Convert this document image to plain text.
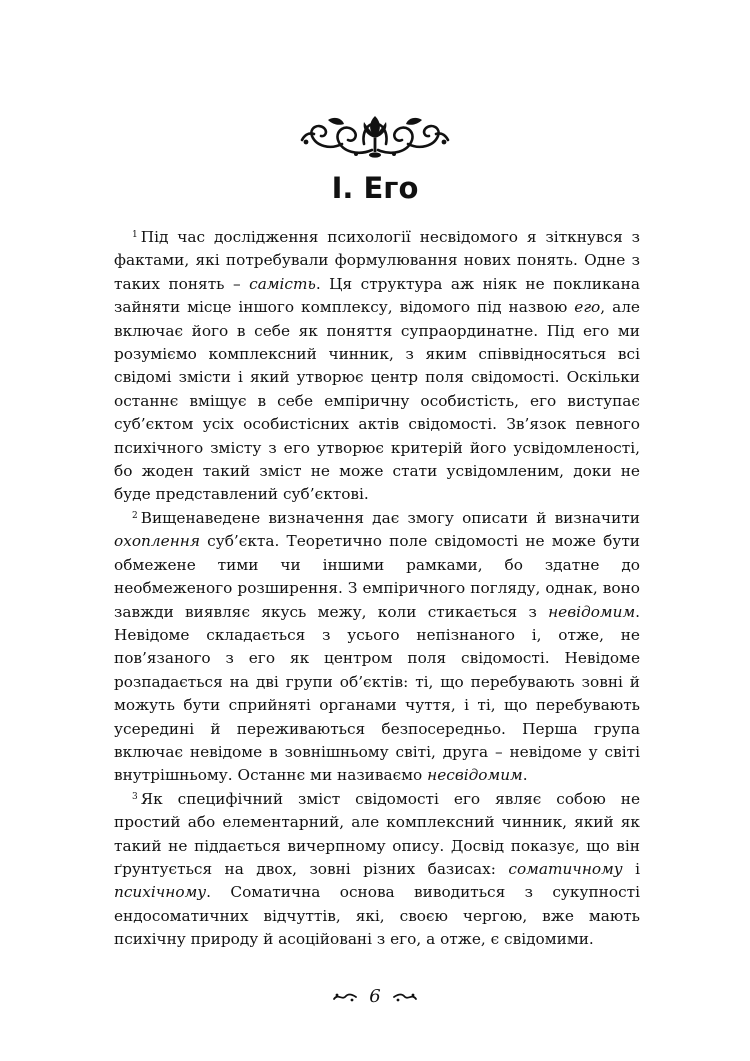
I. Его

$^1$ Під час дослідження психології несвідомого я зіткнувся з фактами, які потребували формулювання нових понять. Одне з таких понять – самість. Ця структура аж ніяк не покликана зайняти місце іншого комплексу, відомого під назвою его, але включає його в себе як поняття супраординатне. Під его ми розуміємо комплексний чинник, з яким співвідносяться всі свідомі змісти і який утворює центр поля свідомості. Оскільки останнє вміщує в себе емпіричну особистість, его виступає суб’єктом усіх особистісних актів свідомості. Зв’язок певного психічного змісту з его утворює критерій його усвідомленості, бо жоден такий зміст не може стати усвідомленим, доки не буде представлений суб’єктові.

$^2$ Вищенаведене визначення дає змогу описати й визначити охоплення суб’єкта. Теоретично поле свідомості не може бути обмежене тими чи іншими рамками, бо здатне до необмеженого розширення. З емпіричного погляду, однак, воно завжди виявляє якусь межу, коли стикається з невідомим. Невідоме складається з усього непізнаного і, отже, не пов’язаного з его як центром поля свідомості. Невідоме розпадається на дві групи об’єктів: ті, що перебувають зовні й можуть бути сприйняті органами чуття, і ті, що перебувають усередині й переживаються безпосередньо. Перша група включає невідоме в зовнішньому світі, друга – невідоме у світі внутрішньому. Останнє ми називаємо несвідомим.

$^3$ Як специфічний зміст свідомості его являє собою не простий або елементарний, але комплексний чинник, який як такий не піддається вичерпному опису. Досвід показує, що він ґрунтується на двох, зовні різних базисах: соматичному і психічному. Соматична основа виводиться з сукупності ендосоматичних відчуттів, які, своєю чергою, вже мають психічну природу й асоційовані з его, а отже, є свідомими.

6
